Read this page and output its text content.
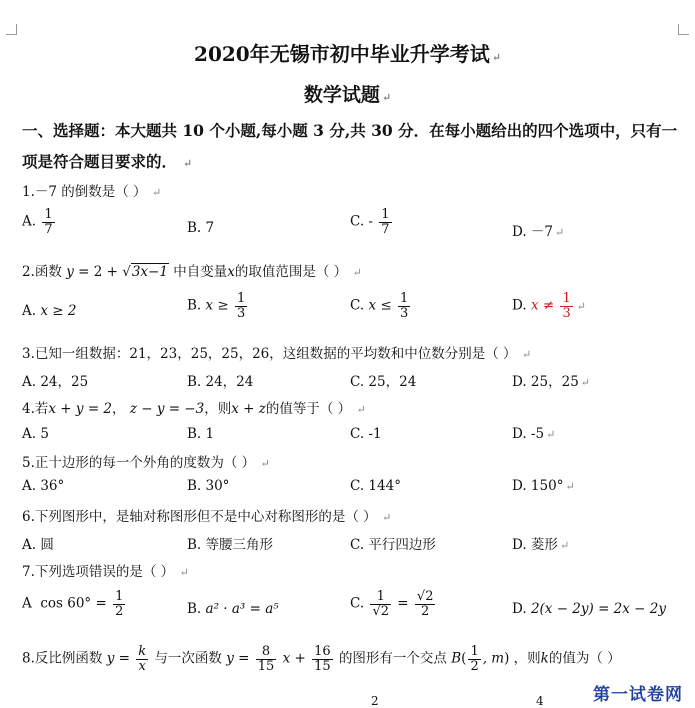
2020年无锡市初中毕业升学考试 ↵
数学试题 ↵
一、选择题：本大题共 10 个小题,每小题 3 分,共 30 分．在每小题给出的四个选项中，只有一
项是符合题目要求的． ↵
1.－7 的倒数是（ ） ↵
A. $\frac{1}{7}$	B. 7	C. - $\frac{1}{7}$	D. －7 ↵
2.函数 y = 2 + √3x−1 中自变量x的取值范围是（ ） ↵
A. x ≥ 2	B. $x \ge \frac{1}{3}$	C. $x \le \frac{1}{3}$	D. $x \ne \frac{1}{3}$ ↵
3.已知一组数据：21，23，25，25，26，这组数据的平均数和中位数分别是（ ） ↵
A. 24，25	B. 24，24	C. 25，24	D. 25，25 ↵
4.若x + y = 2， z − y = −3，则x + z的值等于（ ） ↵
A. 5	B. 1	C. -1	D. -5 ↵
5.正十边形的每一个外角的度数为（ ） ↵
A. 36°	B. 30°	C. 144°	D. 150° ↵
6.下列图形中，是轴对称图形但不是中心对称图形的是（ ） ↵
A. 圆	B. 等腰三角形	C. 平行四边形	D. 菱形 ↵
7.下列选项错误的是（ ） ↵
A $\cos 60^\circ = \frac{1}{2}$	B. a² · a³ = a⁵	C. $\frac{1}{√2} = \frac{√2}{2}$	D. 2(x − 2y) = 2x − 2y
8.反比例函数 $y = \frac{k}{x}$ 与一次函数 $y = \frac{8}{15}$ $x + \frac{16}{15}$ 的图形有一个交点 $B( \frac{1}{2}$ , m) ，则k的值为（ ）
2	4	第一试卷网
